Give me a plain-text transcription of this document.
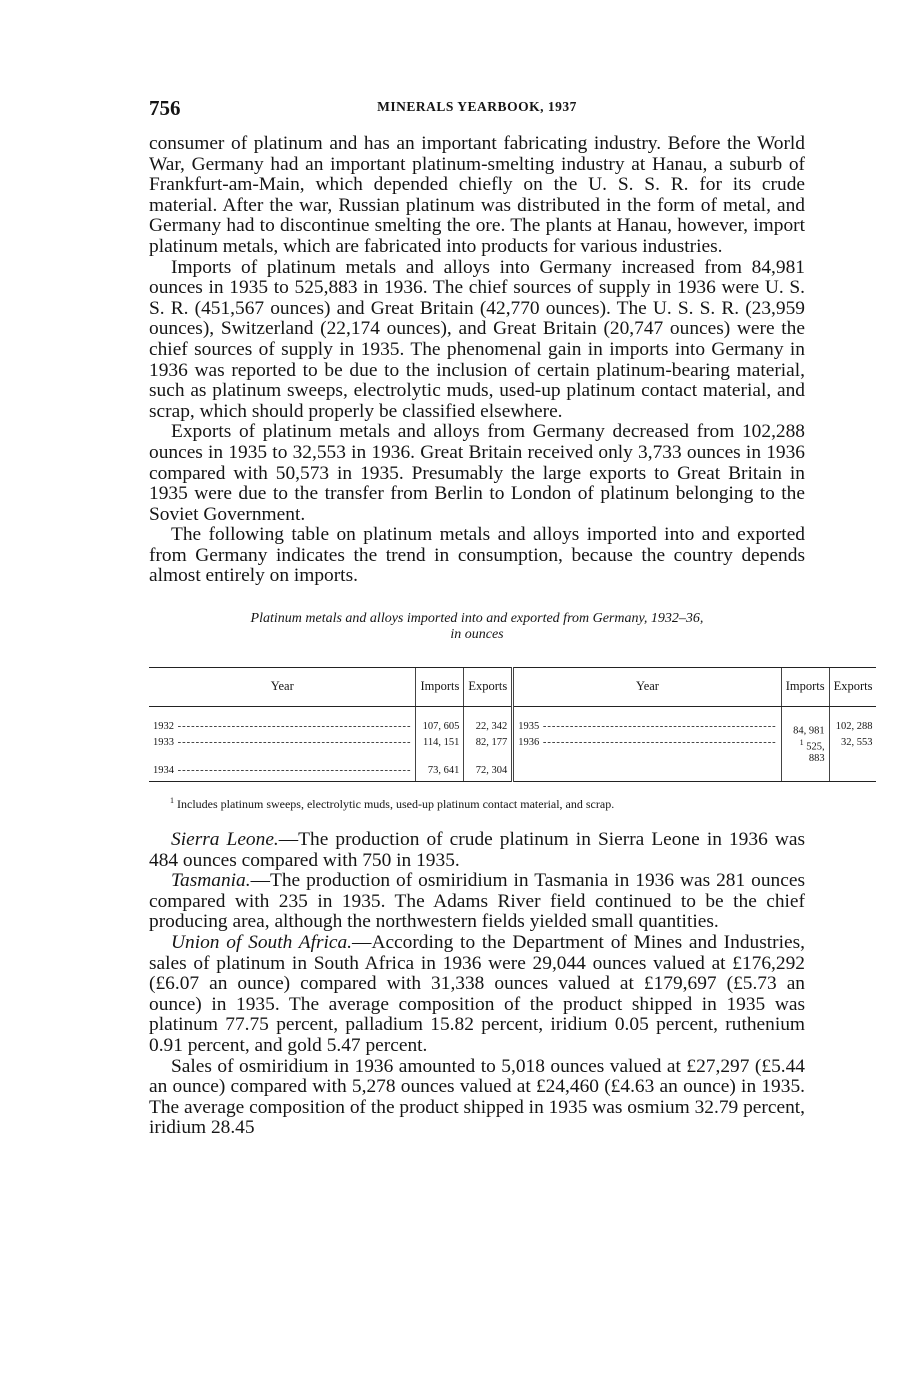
756	MINERALS YEARBOOK, 1937

consumer of platinum and has an important fabricating industry. Before the World War, Germany had an important platinum-smelting industry at Hanau, a suburb of Frankfurt-am-Main, which depended chiefly on the U. S. S. R. for its crude material. After the war, Russian platinum was distributed in the form of metal, and Germany had to discontinue smelting the ore. The plants at Hanau, however, import platinum metals, which are fabricated into products for various industries.

Imports of platinum metals and alloys into Germany increased from 84,981 ounces in 1935 to 525,883 in 1936. The chief sources of supply in 1936 were U. S. S. R. (451,567 ounces) and Great Britain (42,770 ounces). The U. S. S. R. (23,959 ounces), Switzerland (22,174 ounces), and Great Britain (20,747 ounces) were the chief sources of supply in 1935. The phenomenal gain in imports into Germany in 1936 was reported to be due to the inclusion of certain platinum-bearing material, such as platinum sweeps, electrolytic muds, used-up platinum contact material, and scrap, which should properly be classified elsewhere.

Exports of platinum metals and alloys from Germany decreased from 102,288 ounces in 1935 to 32,553 in 1936. Great Britain received only 3,733 ounces in 1936 compared with 50,573 in 1935. Presumably the large exports to Great Britain in 1935 were due to the transfer from Berlin to London of platinum belonging to the Soviet Government.

The following table on platinum metals and alloys imported into and exported from Germany indicates the trend in consumption, because the country depends almost entirely on imports.

Platinum metals and alloys imported into and exported from Germany, 1932–36,
in ounces
Year	Imports	Exports	Year	Imports	Exports
1932 -----	107, 605	22, 342	1935 -----	84, 981	102, 288
1933 -----	114, 151	82, 177	1936 -----	$^1$ 525, 883	32, 553
1934 -----	73, 641	72, 304			
$^1$ Includes platinum sweeps, electrolytic muds, used-up platinum contact material, and scrap.

Sierra Leone.—The production of crude platinum in Sierra Leone in 1936 was 484 ounces compared with 750 in 1935.

Tasmania.—The production of osmiridium in Tasmania in 1936 was 281 ounces compared with 235 in 1935. The Adams River field continued to be the chief producing area, although the northwestern fields yielded small quantities.

Union of South Africa.—According to the Department of Mines and Industries, sales of platinum in South Africa in 1936 were 29,044 ounces valued at £176,292 (£6.07 an ounce) compared with 31,338 ounces valued at £179,697 (£5.73 an ounce) in 1935. The average composition of the product shipped in 1935 was platinum 77.75 percent, palladium 15.82 percent, iridium 0.05 percent, ruthenium 0.91 percent, and gold 5.47 percent.

Sales of osmiridium in 1936 amounted to 5,018 ounces valued at £27,297 (£5.44 an ounce) compared with 5,278 ounces valued at £24,460 (£4.63 an ounce) in 1935. The average composition of the product shipped in 1935 was osmium 32.79 percent, iridium 28.45
